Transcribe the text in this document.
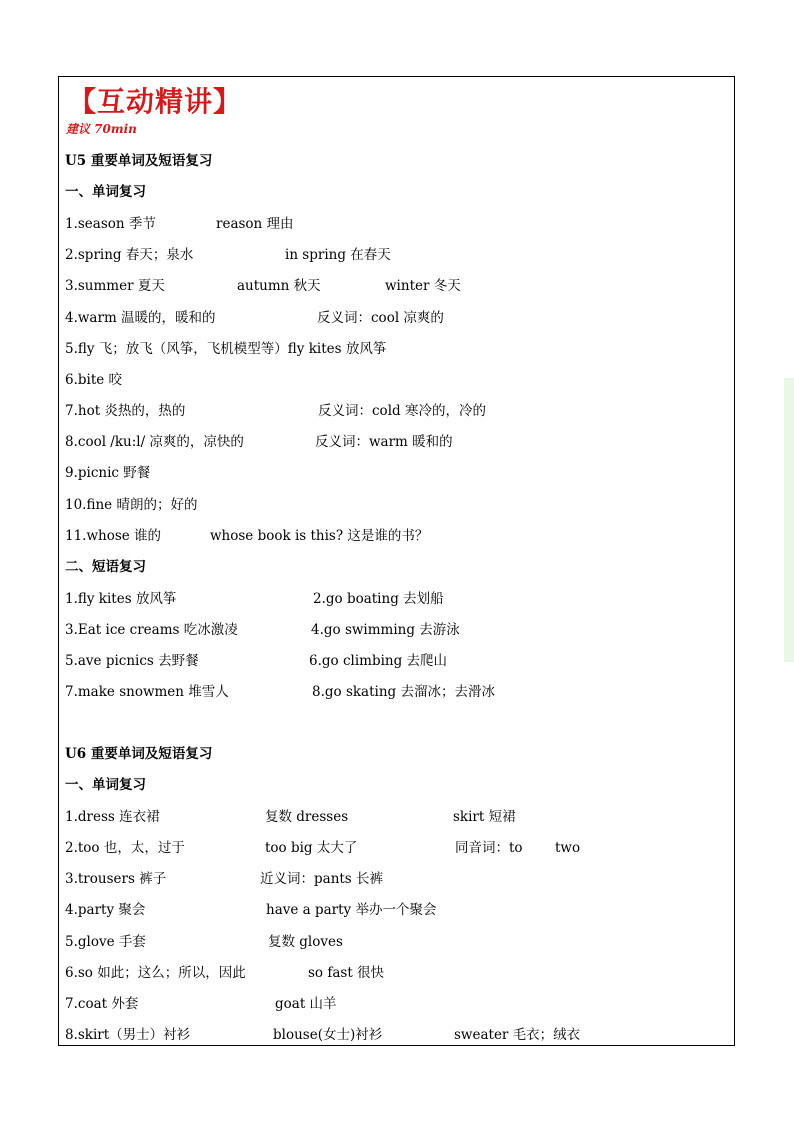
【互动精讲】
建议 70min
U5 重要单词及短语复习
一、单词复习
1.season 季节	reason 理由
2.spring 春天；泉水	in spring 在春天
3.summer 夏天	autumn 秋天	winter 冬天
4.warm 温暖的，暖和的	反义词：cool 凉爽的
5.fly 飞；放飞（风筝，飞机模型等）fly kites 放风筝
6.bite 咬
7.hot 炎热的，热的	反义词：cold 寒冷的，冷的
8.cool /ku:l/ 凉爽的，凉快的	反义词：warm 暖和的
9.picnic 野餐
10.fine 晴朗的；好的
11.whose 谁的	whose book is this? 这是谁的书？
二、短语复习
1.fly kites 放风筝	2.go boating 去划船
3.Eat ice creams 吃冰激凌	4.go swimming 去游泳
5.ave picnics 去野餐	6.go climbing 去爬山
7.make snowmen 堆雪人	8.go skating 去溜冰；去滑冰
U6 重要单词及短语复习
一、单词复习
1.dress 连衣裙	复数 dresses	skirt 短裙
2.too 也，太，过于	too big 太大了	同音词：to two
3.trousers 裤子	近义词：pants 长裤
4.party 聚会	have a party 举办一个聚会
5.glove 手套	复数 gloves
6.so 如此；这么；所以，因此	so fast 很快
7.coat 外套	goat 山羊
8.skirt（男士）衬衫	blouse(女士)衬衫	sweater 毛衣；绒衣
